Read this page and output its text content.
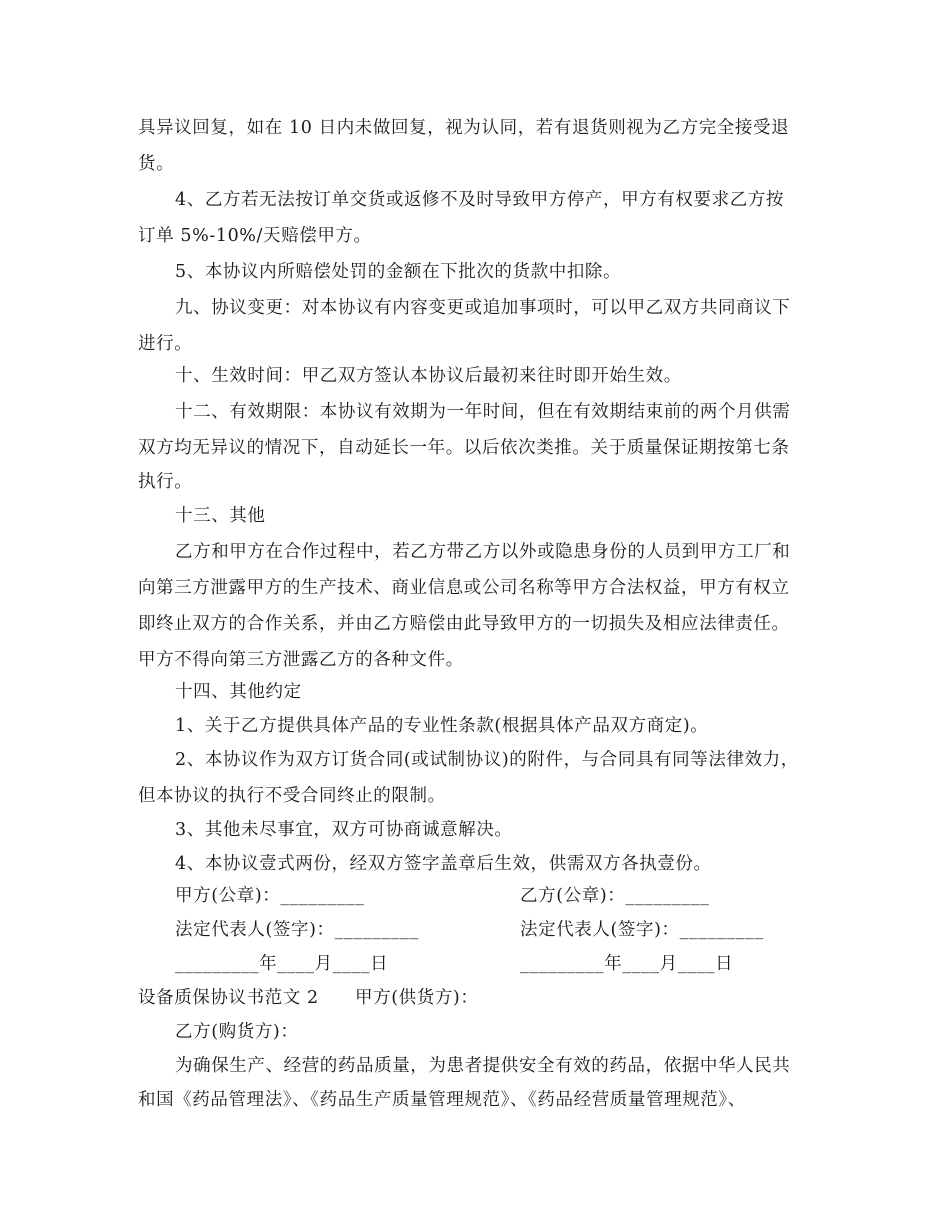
具异议回复，如在 10 日内未做回复，视为认同，若有退货则视为乙方完全接受退
货。
4、乙方若无法按订单交货或返修不及时导致甲方停产，甲方有权要求乙方按
订单 5%-10%/天赔偿甲方。
5、本协议内所赔偿处罚的金额在下批次的货款中扣除。
九、协议变更：对本协议有内容变更或追加事项时，可以甲乙双方共同商议下
进行。
十、生效时间：甲乙双方签认本协议后最初来往时即开始生效。
十二、有效期限：本协议有效期为一年时间，但在有效期结束前的两个月供需
双方均无异议的情况下，自动延长一年。以后依次类推。关于质量保证期按第七条
执行。
十三、其他
乙方和甲方在合作过程中，若乙方带乙方以外或隐患身份的人员到甲方工厂和
向第三方泄露甲方的生产技术、商业信息或公司名称等甲方合法权益，甲方有权立
即终止双方的合作关系，并由乙方赔偿由此导致甲方的一切损失及相应法律责任。
甲方不得向第三方泄露乙方的各种文件。
十四、其他约定
1、关于乙方提供具体产品的专业性条款(根据具体产品双方商定)。
2、本协议作为双方订货合同(或试制协议)的附件，与合同具有同等法律效力，
但本协议的执行不受合同终止的限制。
3、其他未尽事宜，双方可协商诚意解决。
4、本协议壹式两份，经双方签字盖章后生效，供需双方各执壹份。
甲方(公章)：_________	乙方(公章)：_________
法定代表人(签字)：_________	法定代表人(签字)：_________
_________年____月____日	_________年____月____日
设备质保协议书范文 2　　甲方(供货方)：
乙方(购货方)：
为确保生产、经营的药品质量，为患者提供安全有效的药品，依据中华人民共
和国《药品管理法》、《药品生产质量管理规范》、《药品经营质量管理规范》、
